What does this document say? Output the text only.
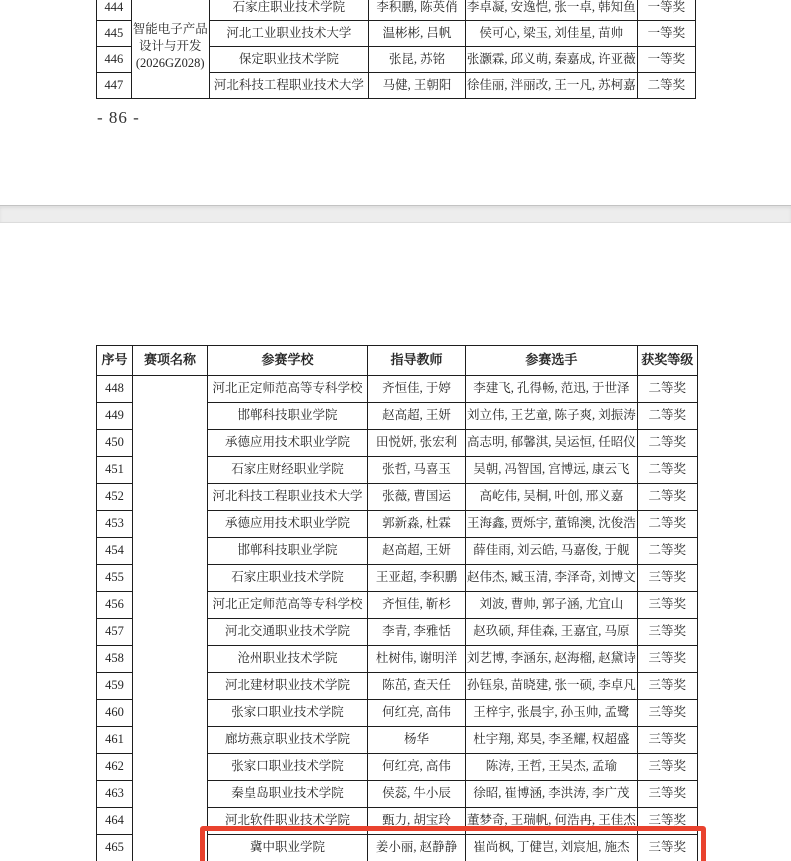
444	智能电子产品
设计与开发
(2026GZ028)	石家庄职业技术学院	李积鹏, 陈英俏	李卓凝, 安逸恺, 张一卓, 韩知鱼	一等奖
445		河北工业职业技术大学	温彬彬, 吕帆	侯可心, 梁玉, 刘佳星, 苗帅	一等奖
446		保定职业技术学院	张昆, 苏铭	张灏霖, 邱义萌, 秦嘉成, 许亚薇	一等奖
447		河北科技工程职业技术大学	马健, 王朝阳	徐佳丽, 泮丽改, 王一凡, 苏柯嘉	二等奖
- 86 -
序号	赛项名称	参赛学校	指导教师	参赛选手	获奖等级
448		河北正定师范高等专科学校	齐恒佳, 于婷	李建飞, 孔得畅, 范迅, 于世泽	二等奖
449		邯郸科技职业学院	赵高超, 王妍	刘立伟, 王艺童, 陈子爽, 刘振涛	二等奖
450		承德应用技术职业学院	田悦妍, 张宏利	高志明, 郁馨淇, 吴运恒, 任昭仪	二等奖
451		石家庄财经职业学院	张哲, 马喜玉	吴朝, 冯智国, 宫博远, 康云飞	二等奖
452		河北科技工程职业技术大学	张薇, 曹国运	高屹伟, 吴桐, 叶创, 邢义嘉	二等奖
453		承德应用技术职业学院	郭新淼, 杜霖	王海鑫, 贾烁宇, 董锦澳, 沈俊浩	二等奖
454		邯郸科技职业学院	赵高超, 王妍	薛佳雨, 刘云皓, 马嘉俊, 于舰	二等奖
455		石家庄职业技术学院	王亚超, 李积鹏	赵伟杰, 臧玉清, 李泽奇, 刘博文	三等奖
456		河北正定师范高等专科学校	齐恒佳, 靳杉	刘波, 曹帅, 郭子涵, 尤宜山	三等奖
457		河北交通职业技术学院	李青, 李雅恬	赵玖硕, 拜佳森, 王嘉宜, 马原	三等奖
458		沧州职业技术学院	杜树伟, 谢明洋	刘艺博, 李涵东, 赵海榴, 赵黛诗	三等奖
459		河北建材职业技术学院	陈茁, 查天任	孙钰泉, 苗晓建, 张一硕, 李卓凡	三等奖
460		张家口职业技术学院	何红亮, 高伟	王梓宇, 张晨宇, 孙玉帅, 孟鹭	三等奖
461		廊坊燕京职业技术学院	杨华	杜宇翔, 郑昊, 李圣耀, 权超盛	三等奖
462		张家口职业技术学院	何红亮, 高伟	陈涛, 王哲, 王吴杰, 孟瑜	三等奖
463		秦皇岛职业技术学院	侯蕊, 牛小辰	徐昭, 崔博涵, 李洪涛, 李广茂	三等奖
464		河北软件职业技术学院	甄力, 胡宝玲	董梦奇, 王瑞帆, 何浩冉, 王佳杰	三等奖
465		冀中职业学院	姜小丽, 赵静静	崔尚枫, 丁健岂, 刘宸旭, 施杰	三等奖
